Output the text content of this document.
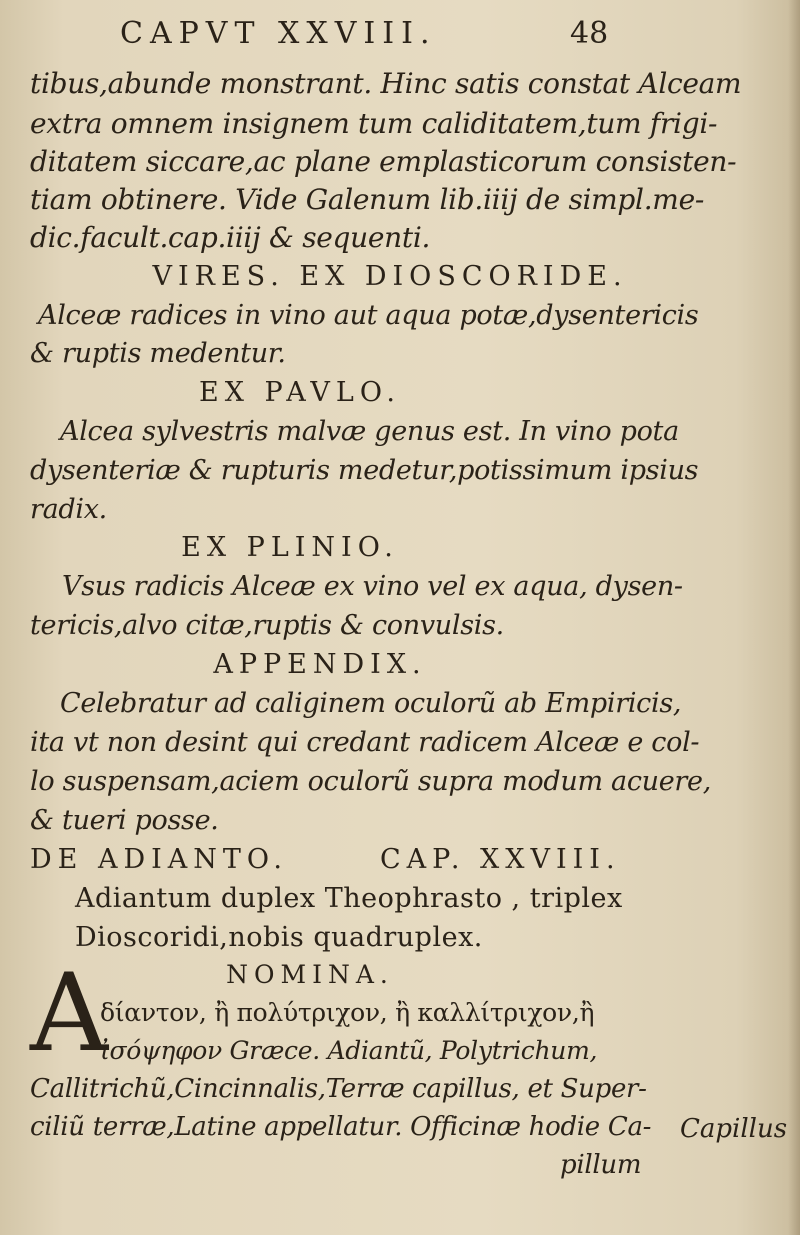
CAPVT XXVIII.	48
tibus,abunde monstrant. Hinc satis constat Alceam
extra omnem insignem tum caliditatem,tum frigi-
ditatem siccare,ac plane emplasticorum consisten-
tiam obtinere. Vide Galenum lib.iiij de simpl.me-
dic.facult.cap.iiij & sequenti.
VIRES. EX DIOSCORIDE.
Alceæ radices in vino aut aqua potæ,dysentericis
& ruptis medentur.
EX PAVLO.
Alcea sylvestris malvæ genus est. In vino pota
dysenteriæ & rupturis medetur,potissimum ipsius
radix.
EX PLINIO.
Vsus radicis Alceæ ex vino vel ex aqua, dysen-
tericis,alvo citæ,ruptis & convulsis.
APPENDIX.
Celebratur ad caliginem oculorũ ab Empiricis,
ita vt non desint qui credant radicem Alceæ e col-
lo suspensam,aciem oculorũ supra modum acuere,
& tueri posse.
DE ADIANTO.	CAP. XXVIII.
Adiantum duplex Theophrasto , triplex
Dioscoridi,nobis quadruplex.
NOMINA.
A
δίαντον, ἢ πολύτριχον, ἢ καλλίτριχον,ἢ
ἰσόψηφον Græce. Adiantũ, Polytrichum,
Callitrichũ,Cincinnalis,Terræ capillus, et Super-
ciliũ terræ,Latine appellatur. Officinæ hodie Ca-
pillum
Capillus
